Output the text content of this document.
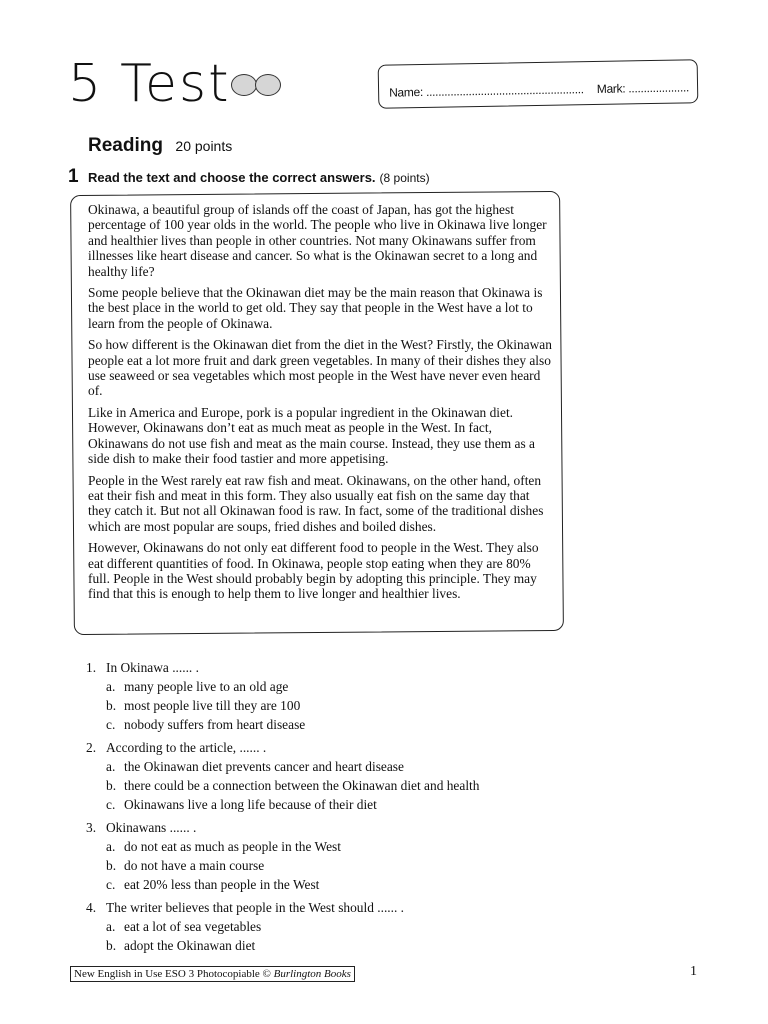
5 Test	Name: .................................................... Mark: ....................
Reading 20 points
1 Read the text and choose the correct answers. (8 points)

Okinawa, a beautiful group of islands off the coast of Japan, has got the highest percentage of 100 year olds in the world. The people who live in Okinawa live longer and healthier lives than people in other countries. Not many Okinawans suffer from illnesses like heart disease and cancer. So what is the Okinawan secret to a long and healthy life?

Some people believe that the Okinawan diet may be the main reason that Okinawa is the best place in the world to get old. They say that people in the West have a lot to learn from the people of Okinawa.

So how different is the Okinawan diet from the diet in the West? Firstly, the Okinawan people eat a lot more fruit and dark green vegetables. In many of their dishes they also use seaweed or sea vegetables which most people in the West have never even heard of.

Like in America and Europe, pork is a popular ingredient in the Okinawan diet. However, Okinawans don’t eat as much meat as people in the West. In fact, Okinawans do not use fish and meat as the main course. Instead, they use them as a side dish to make their food tastier and more appetising.

People in the West rarely eat raw fish and meat. Okinawans, on the other hand, often eat their fish and meat in this form. They also usually eat fish on the same day that they catch it. But not all Okinawan food is raw. In fact, some of the traditional dishes which are most popular are soups, fried dishes and boiled dishes.

However, Okinawans do not only eat different food to people in the West. They also eat different quantities of food. In Okinawa, people stop eating when they are 80% full. People in the West should probably begin by adopting this principle. They may find that this is enough to help them to live longer and healthier lives.

1. In Okinawa ...... .
a. many people live to an old age
b. most people live till they are 100
c. nobody suffers from heart disease
2. According to the article, ...... .
a. the Okinawan diet prevents cancer and heart disease
b. there could be a connection between the Okinawan diet and health
c. Okinawans live a long life because of their diet
3. Okinawans ...... .
a. do not eat as much as people in the West
b. do not have a main course
c. eat 20% less than people in the West
4. The writer believes that people in the West should ...... .
a. eat a lot of sea vegetables
b. adopt the Okinawan diet
New English in Use ESO 3 Photocopiable © Burlington Books	1
